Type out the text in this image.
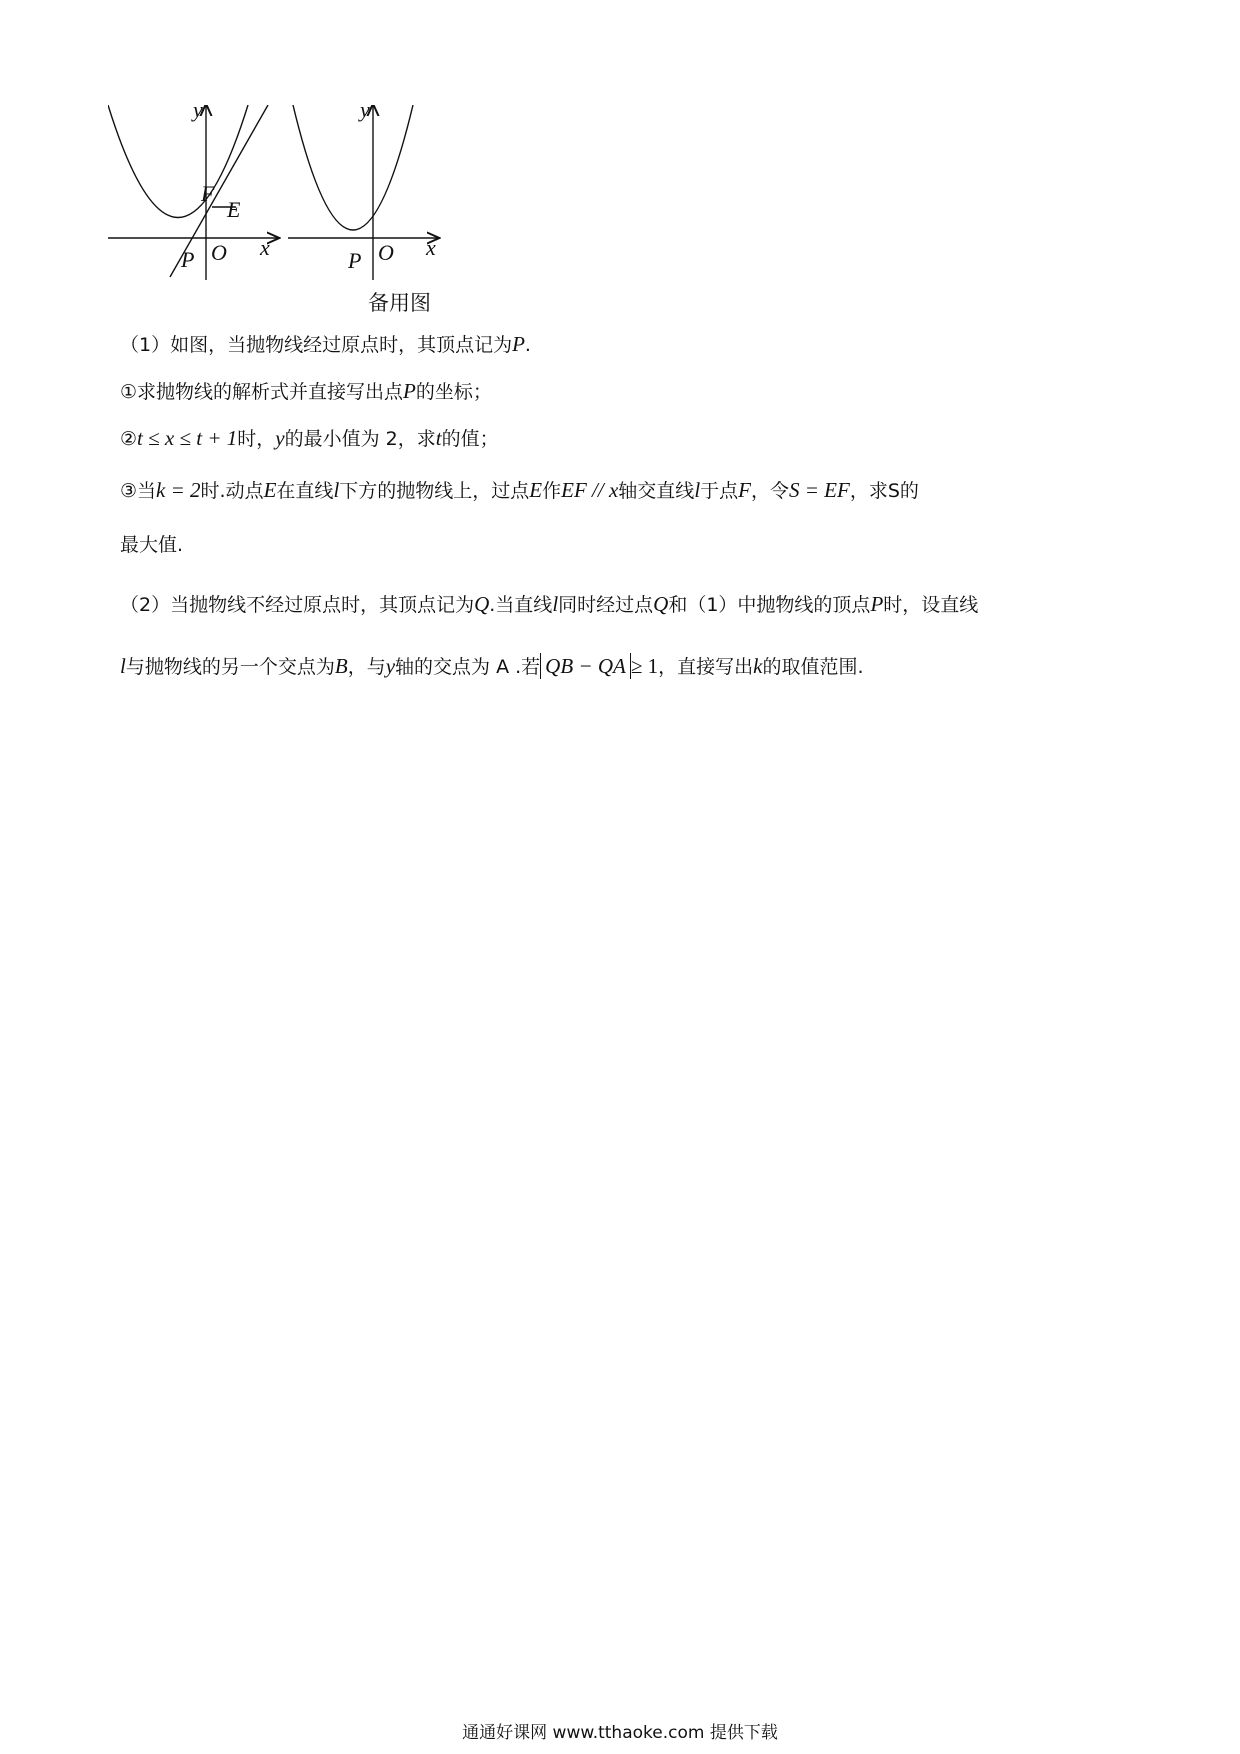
y
x
O
P
F
E
y
x
O
P
备用图
（1）如图，当抛物线经过原点时，其顶点记为P.
①求抛物线的解析式并直接写出点P的坐标；
②t ≤ x ≤ t + 1时，y的最小值为 2，求t的值；
③当k = 2时.动点E在直线l下方的抛物线上，过点E作EF // x轴交直线l于点F，令S = EF，求S的
最大值.
（2）当抛物线不经过原点时，其顶点记为Q.当直线l同时经过点Q和（1）中抛物线的顶点P时，设直线
l与抛物线的另一个交点为B，与y轴的交点为 A .若 QB − QA ≥ 1，直接写出k的取值范围.
通通好课网 www.tthaoke.com 提供下载
